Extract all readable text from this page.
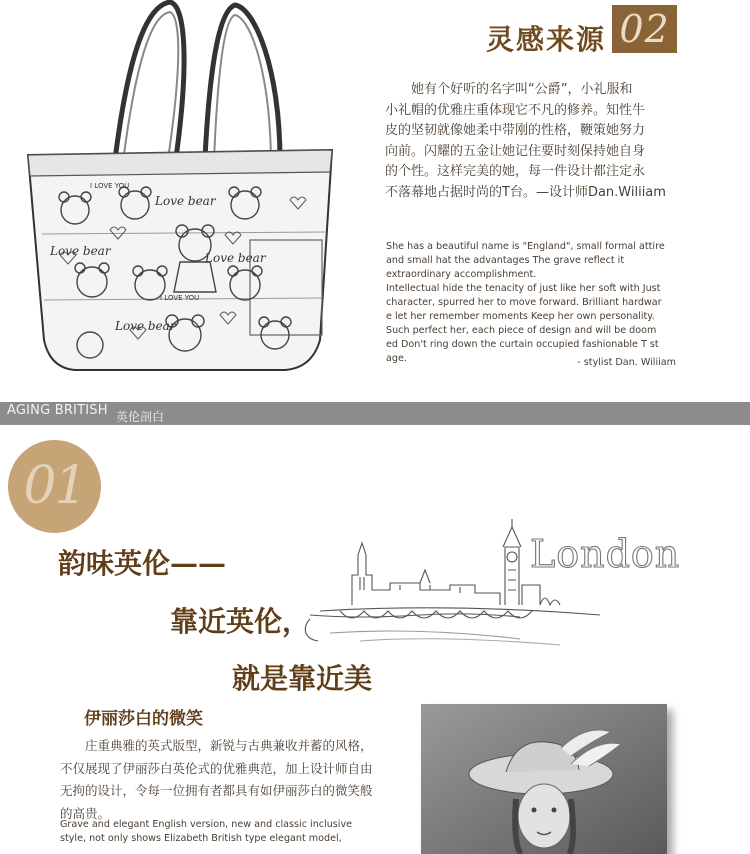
Love bear
Love bear	Love bear
Love bear
I LOVE YOU
I LOVE YOU
灵感来源 02

　　她有个好听的名字叫“公爵”，小礼服和

小礼帽的优雅庄重体现它不凡的修养。知性牛

皮的坚韧就像她柔中带刚的性格，鞭策她努力

向前。闪耀的五金让她记住要时刻保持她自身

的个性。这样完美的她，每一件设计都注定永

不落幕地占据时尚的T台。—设计师Dan.Wiliiam

She has a beautiful name is "England", small formal attire

and small hat the advantages The grave reflect it

extraordinary accomplishment.

Intellectual hide the tenacity of just like her soft with Just

character, spurred her to move forward. Brilliant hardwar

e let her remember moments Keep her own personality.

Such perfect her, each piece of design and will be doom

ed Don't ring down the curtain occupied fashionable T st

age.	- stylist Dan. Wiliiam
AGING BRITISH 英伦剖白
01
韵味英伦——
靠近英伦，
就是靠近美
London
伊丽莎白的微笑

　　庄重典雅的英式版型，新锐与古典兼收并蓄的风格，

不仅展现了伊丽莎白英伦式的优雅典范，加上设计师自由

无拘的设计，令每一位拥有者都具有如伊丽莎白的微笑般

的高贵。

Grave and elegant English version, new and classic inclusive

style, not only shows Elizabeth British type elegant model,
